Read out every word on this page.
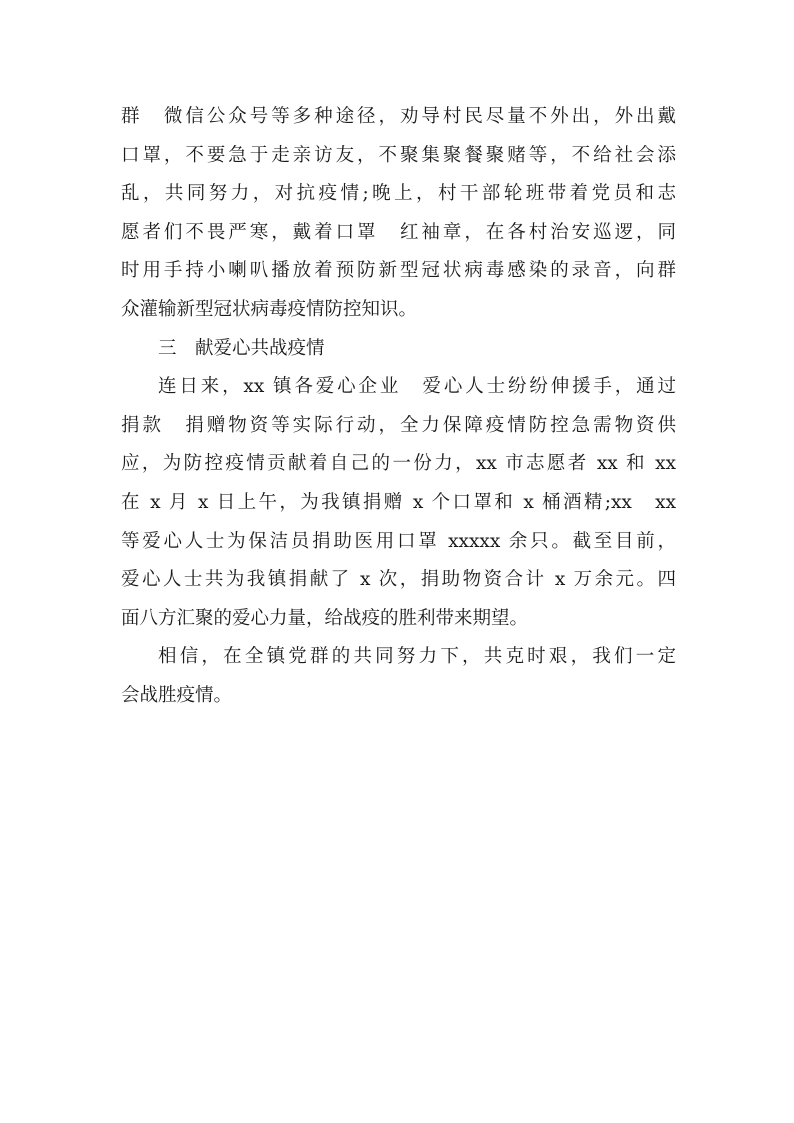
群　微信公众号等多种途径，劝导村民尽量不外出，外出戴
口罩，不要急于走亲访友，不聚集聚餐聚赌等，不给社会添
乱，共同努力，对抗疫情;晚上，村干部轮班带着党员和志
愿者们不畏严寒，戴着口罩　红袖章，在各村治安巡逻，同
时用手持小喇叭播放着预防新型冠状病毒感染的录音，向群
众灌输新型冠状病毒疫情防控知识。
三　献爱心共战疫情
连日来，xx 镇各爱心企业　爱心人士纷纷伸援手，通过
捐款　捐赠物资等实际行动，全力保障疫情防控急需物资供
应，为防控疫情贡献着自己的一份力，xx 市志愿者 xx 和 xx
在 x 月 x 日上午，为我镇捐赠 x 个口罩和 x 桶酒精;xx　xx
等爱心人士为保洁员捐助医用口罩 xxxxx 余只。截至目前，
爱心人士共为我镇捐献了 x 次，捐助物资合计 x 万余元。四
面八方汇聚的爱心力量，给战疫的胜利带来期望。
相信，在全镇党群的共同努力下，共克时艰，我们一定
会战胜疫情。
